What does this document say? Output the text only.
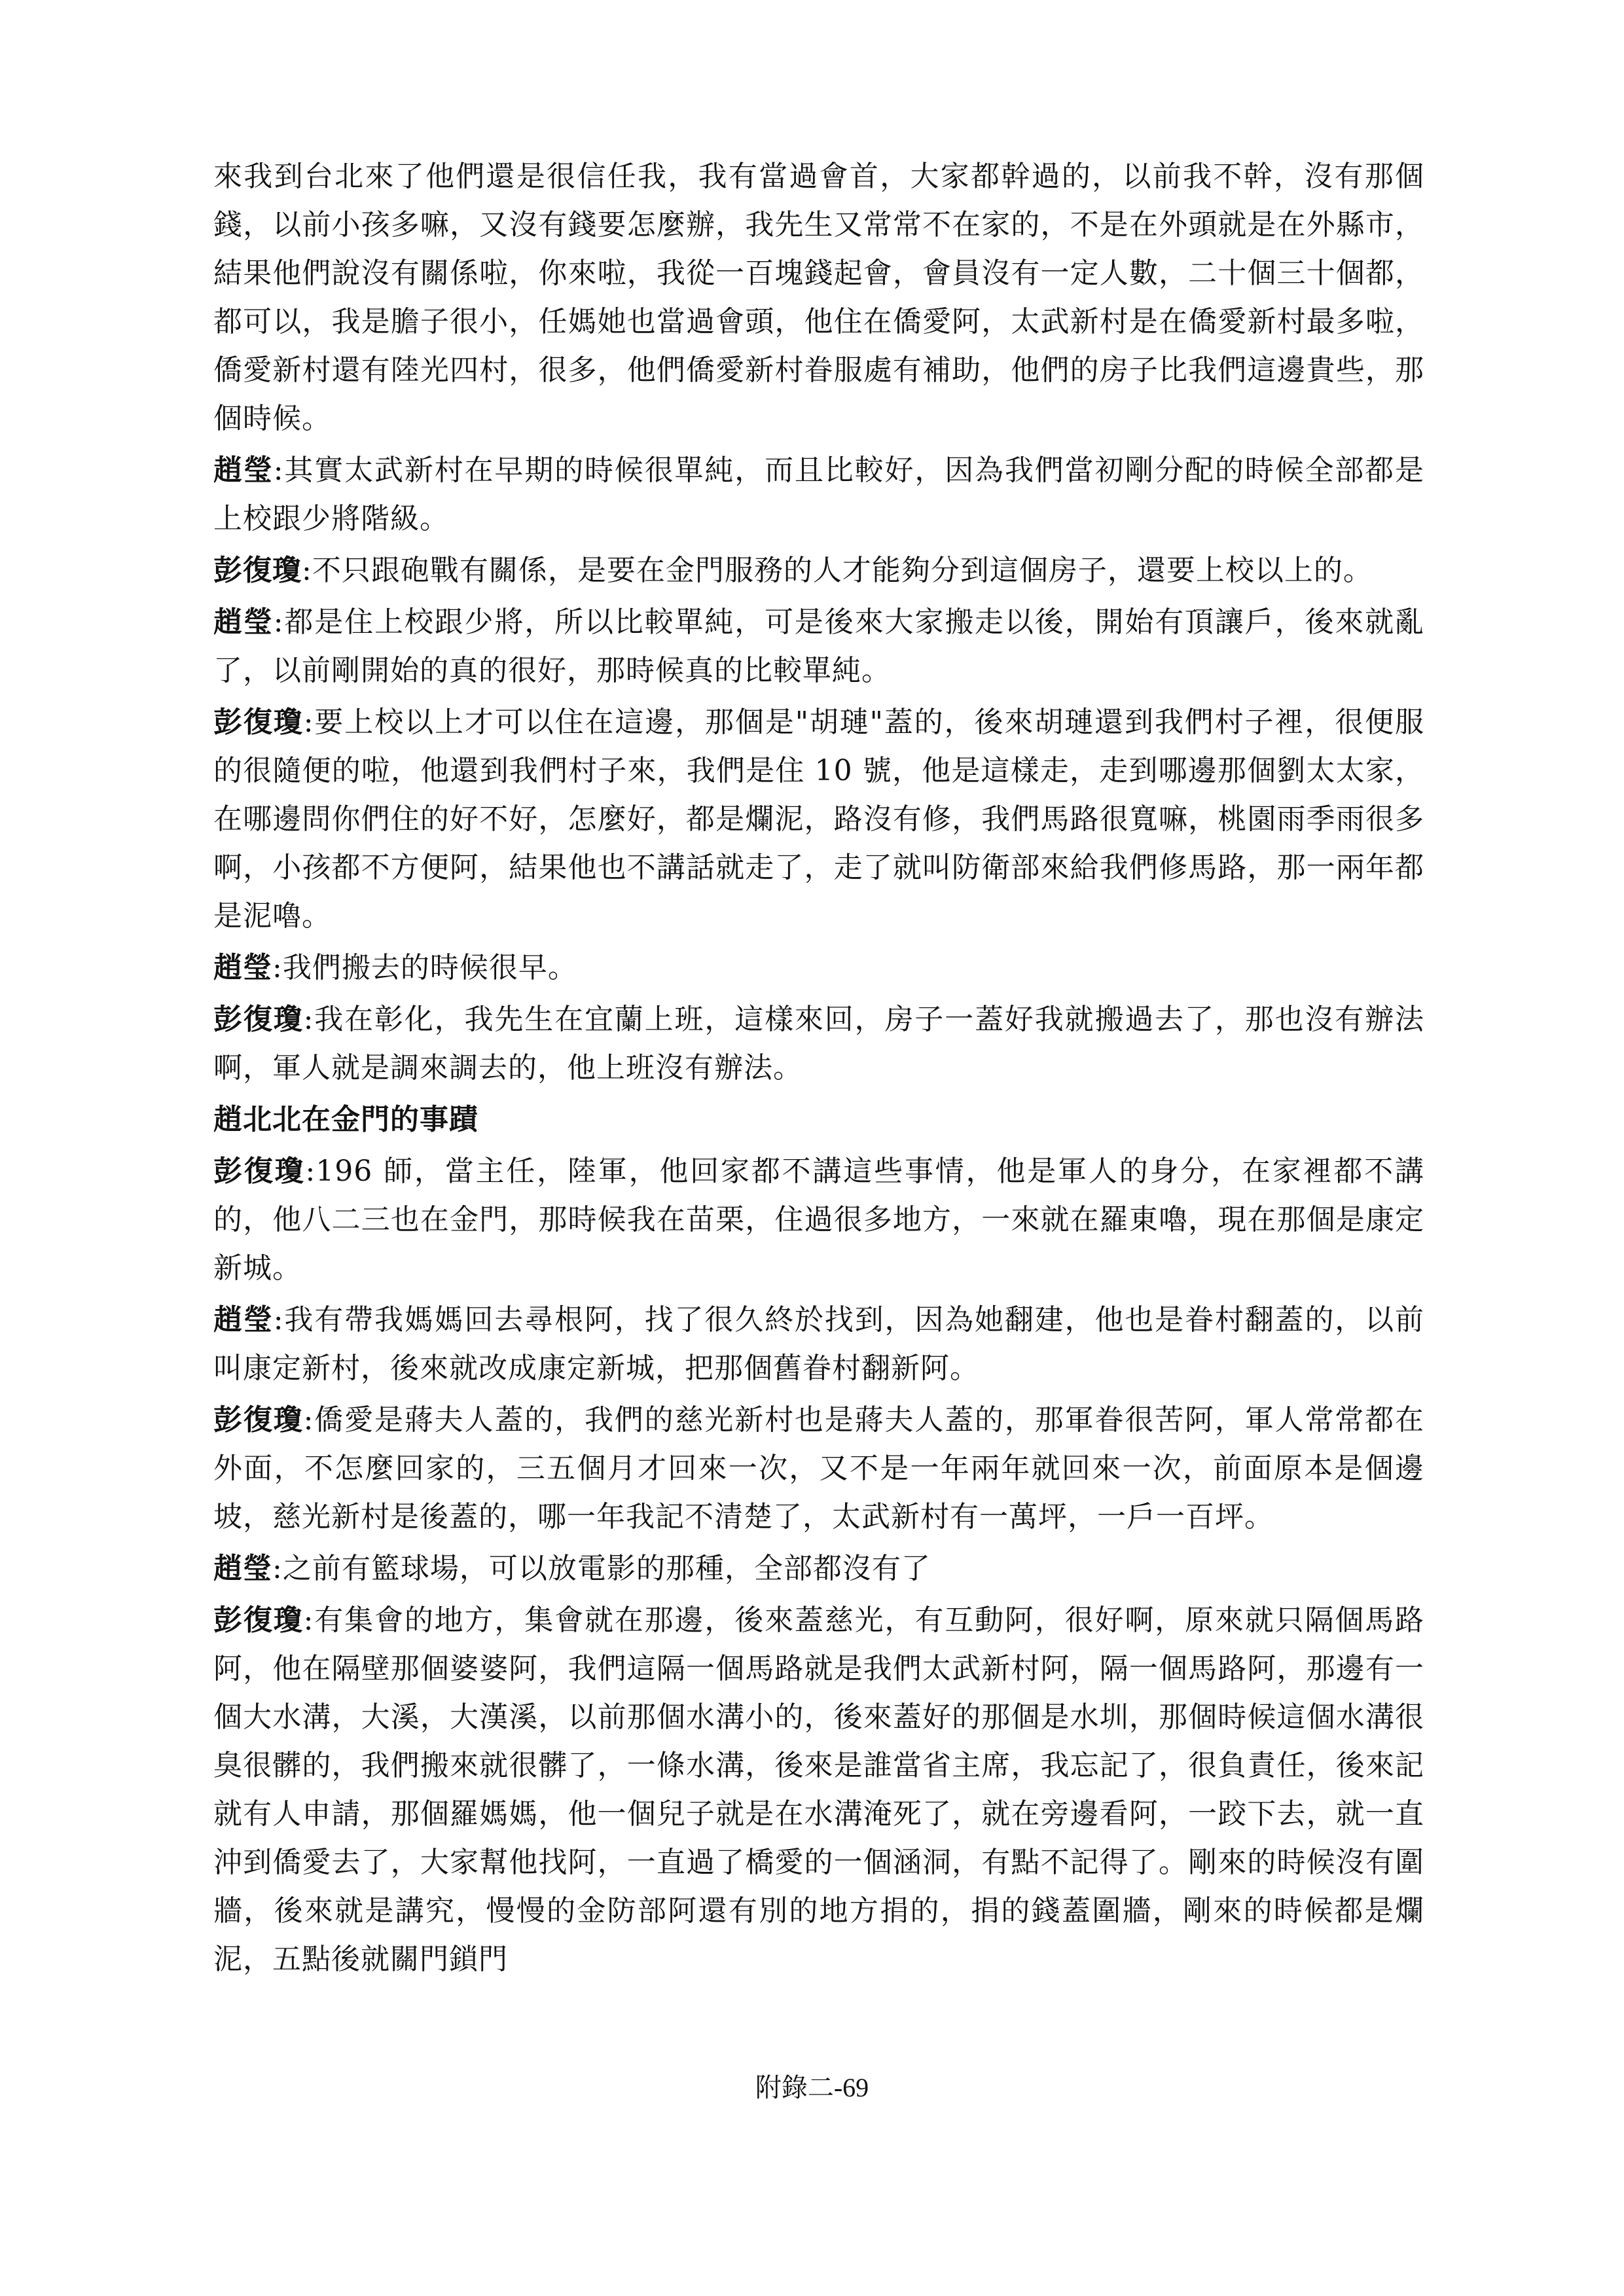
來我到台北來了他們還是很信任我，我有當過會首，大家都幹過的，以前我不幹，沒有那個錢，以前小孩多嘛，又沒有錢要怎麼辦，我先生又常常不在家的，不是在外頭就是在外縣市，結果他們說沒有關係啦，你來啦，我從一百塊錢起會，會員沒有一定人數，二十個三十個都，都可以，我是膽子很小，任媽她也當過會頭，他住在僑愛阿，太武新村是在僑愛新村最多啦，僑愛新村還有陸光四村，很多，他們僑愛新村眷服處有補助，他們的房子比我們這邊貴些，那個時候。

趙瑩:其實太武新村在早期的時候很單純，而且比較好，因為我們當初剛分配的時候全部都是上校跟少將階級。

彭復瓊:不只跟砲戰有關係，是要在金門服務的人才能夠分到這個房子，還要上校以上的。

趙瑩:都是住上校跟少將，所以比較單純，可是後來大家搬走以後，開始有頂讓戶，後來就亂了，以前剛開始的真的很好，那時候真的比較單純。

彭復瓊:要上校以上才可以住在這邊，那個是"胡璉"蓋的，後來胡璉還到我們村子裡，很便服的很隨便的啦，他還到我們村子來，我們是住 10 號，他是這樣走，走到哪邊那個劉太太家，在哪邊問你們住的好不好，怎麼好，都是爛泥，路沒有修，我們馬路很寬嘛，桃園雨季雨很多啊，小孩都不方便阿，結果他也不講話就走了，走了就叫防衛部來給我們修馬路，那一兩年都是泥嚕。

趙瑩:我們搬去的時候很早。

彭復瓊:我在彰化，我先生在宜蘭上班，這樣來回，房子一蓋好我就搬過去了，那也沒有辦法啊，軍人就是調來調去的，他上班沒有辦法。

趙北北在金門的事蹟

彭復瓊:196 師，當主任，陸軍，他回家都不講這些事情，他是軍人的身分，在家裡都不講的，他八二三也在金門，那時候我在苗栗，住過很多地方，一來就在羅東嚕，現在那個是康定新城。

趙瑩:我有帶我媽媽回去尋根阿，找了很久終於找到，因為她翻建，他也是眷村翻蓋的，以前叫康定新村，後來就改成康定新城，把那個舊眷村翻新阿。

彭復瓊:僑愛是蔣夫人蓋的，我們的慈光新村也是蔣夫人蓋的，那軍眷很苦阿，軍人常常都在外面，不怎麼回家的，三五個月才回來一次，又不是一年兩年就回來一次，前面原本是個邊坡，慈光新村是後蓋的，哪一年我記不清楚了，太武新村有一萬坪，一戶一百坪。

趙瑩:之前有籃球場，可以放電影的那種，全部都沒有了

彭復瓊:有集會的地方，集會就在那邊，後來蓋慈光，有互動阿，很好啊，原來就只隔個馬路阿，他在隔壁那個婆婆阿，我們這隔一個馬路就是我們太武新村阿，隔一個馬路阿，那邊有一個大水溝，大溪，大漢溪，以前那個水溝小的，後來蓋好的那個是水圳，那個時候這個水溝很臭很髒的，我們搬來就很髒了，一條水溝，後來是誰當省主席，我忘記了，很負責任，後來記就有人申請，那個羅媽媽，他一個兒子就是在水溝淹死了，就在旁邊看阿，一跤下去，就一直沖到僑愛去了，大家幫他找阿，一直過了橋愛的一個涵洞，有點不記得了。剛來的時候沒有圍牆，後來就是講究，慢慢的金防部阿還有別的地方捐的，捐的錢蓋圍牆，剛來的時候都是爛泥，五點後就關門鎖門

附錄二-69
